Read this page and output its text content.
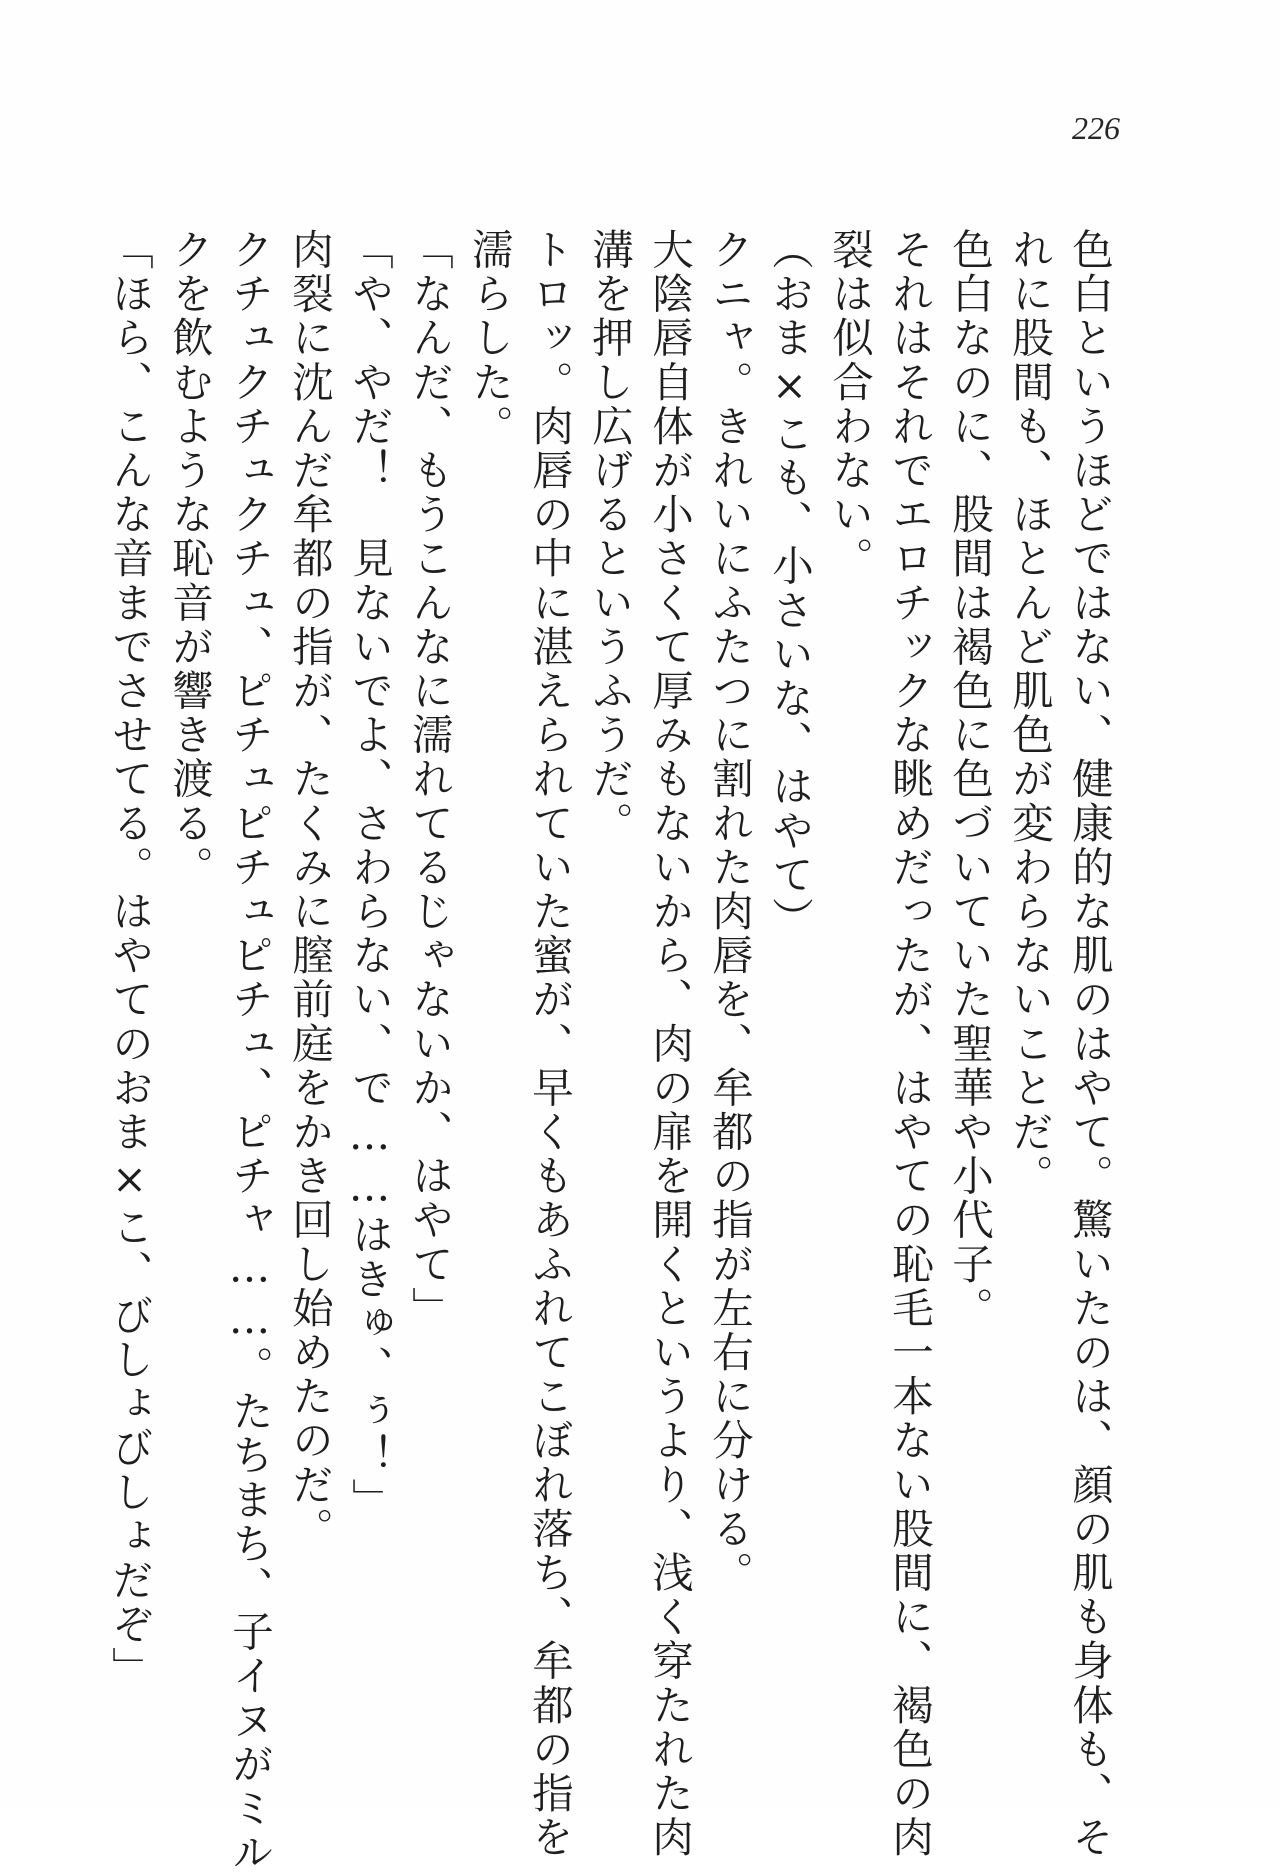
226
色白というほどではない、健康的な肌のはやて。驚いたのは、顔の肌も身体も、そ
れに股間も、ほとんど肌色が変わらないことだ。
色白なのに、股間は褐色に色づいていた聖華や小代子。
それはそれでエロチックな眺めだったが、はやての恥毛一本ない股間に、褐色の肉
裂は似合わない。
（おま×こも、小さいな、はやて）
クニャ。きれいにふたつに割れた肉唇を、牟都の指が左右に分ける。
大陰唇自体が小さくて厚みもないから、肉の扉を開くというより、浅く穿たれた肉
溝を押し広げるというふうだ。
トロッ。肉唇の中に湛えられていた蜜が、早くもあふれてこぼれ落ち、牟都の指を
濡らした。
「なんだ、もうこんなに濡れてるじゃないか、はやて」
「や、やだ！　見ないでよ、さわらない、で……はきゅ、ぅ！」
肉裂に沈んだ牟都の指が、たくみに膣前庭をかき回し始めたのだ。
クチュクチュクチュ、ピチュピチュピチュ、ピチャ……。たちまち、子イヌがミル
クを飲むような恥音が響き渡る。
「ほら、こんな音までさせてる。はやてのおま×こ、びしょびしょだぞ」
